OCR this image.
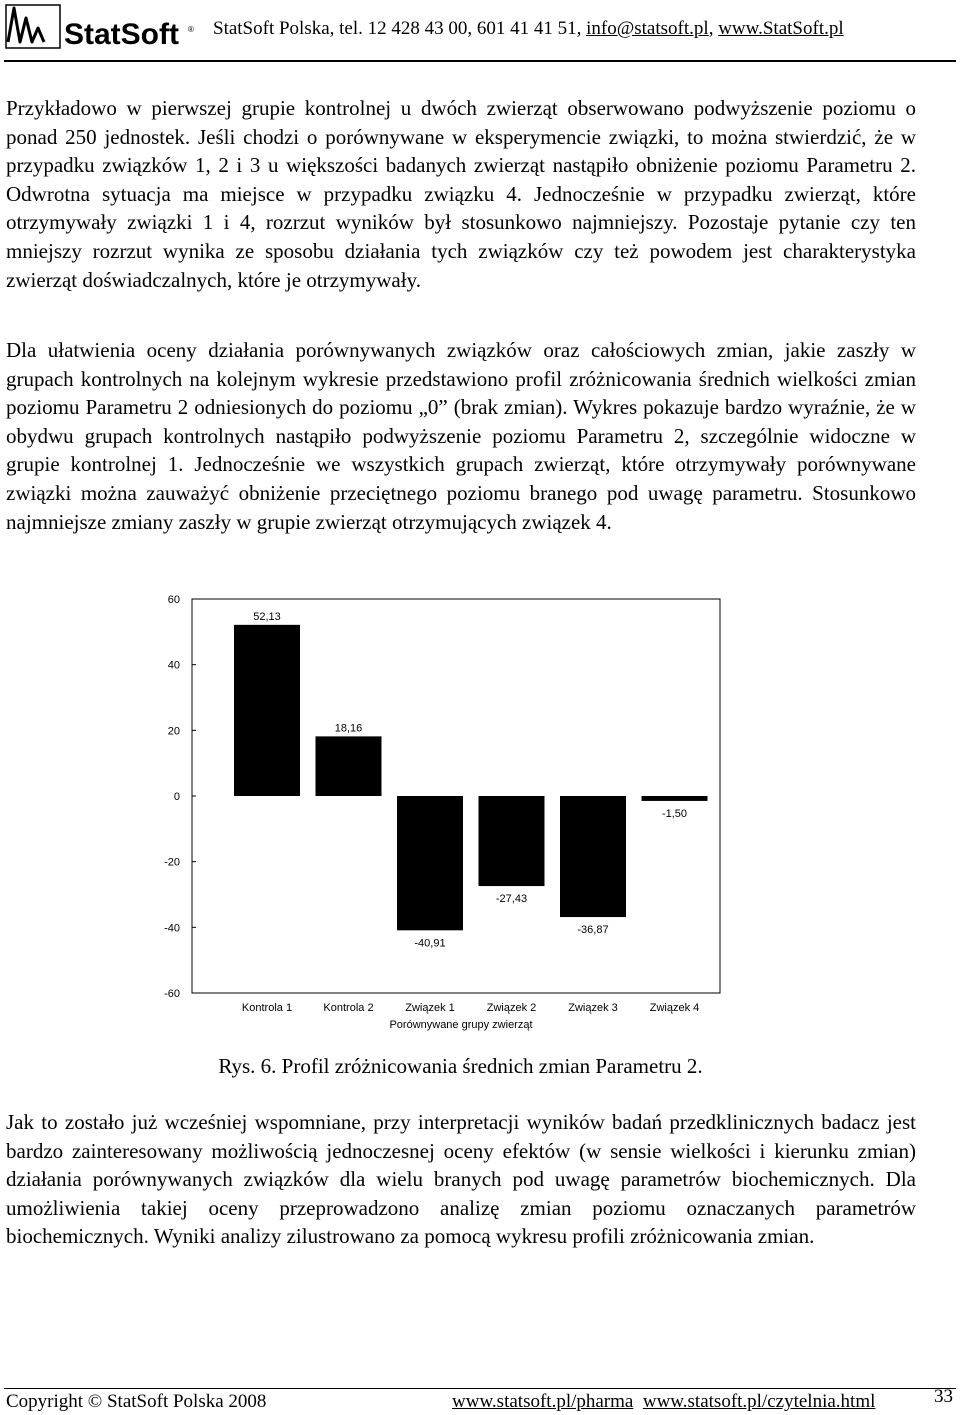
StatSoft ® StatSoft Polska, tel. 12 428 43 00, 601 41 41 51, info@statsoft.pl, www.StatSoft.pl

Przykładowo w pierwszej grupie kontrolnej u dwóch zwierząt obserwowano podwyższenie poziomu o ponad 250 jednostek. Jeśli chodzi o porównywane w eksperymencie związki, to można stwierdzić, że w przypadku związków 1, 2 i 3 u większości badanych zwierząt nastąpiło obniżenie poziomu Parametru 2. Odwrotna sytuacja ma miejsce w przypadku związku 4. Jednocześnie w przypadku zwierząt, które otrzymywały związki 1 i 4, rozrzut wyników był stosunkowo najmniejszy. Pozostaje pytanie czy ten mniejszy rozrzut wynika ze sposobu działania tych związków czy też powodem jest charakterystyka zwierząt doświadczalnych, które je otrzymywały.

Dla ułatwienia oceny działania porównywanych związków oraz całościowych zmian, jakie zaszły w grupach kontrolnych na kolejnym wykresie przedstawiono profil zróżnicowania średnich wielkości zmian poziomu Parametru 2 odniesionych do poziomu „0” (brak zmian). Wykres pokazuje bardzo wyraźnie, że w obydwu grupach kontrolnych nastąpiło podwyższenie poziomu Parametru 2, szczególnie widoczne w grupie kontrolnej 1. Jednocześnie we wszystkich grupach zwierząt, które otrzymywały porównywane związki można zauważyć obniżenie przeciętnego poziomu branego pod uwagę parametru. Stosunkowo najmniejsze zmiany zaszły w grupie zwierząt otrzymujących związek 4.

60
40
20
0
-20
-40
-60
52,13
Kontrola 1
18,16
Kontrola 2
-40,91
Związek 1
-27,43
Związek 2
-36,87
Związek 3
-1,50
Związek 4
Porównywane grupy zwierząt
Rys. 6. Profil zróżnicowania średnich zmian Parametru 2.

Jak to zostało już wcześniej wspomniane, przy interpretacji wyników badań przedklinicznych badacz jest bardzo zainteresowany możliwością jednoczesnej oceny efektów (w sensie wielkości i kierunku zmian) działania porównywanych związków dla wielu branych pod uwagę parametrów biochemicznych. Dla umożliwienia takiej oceny przeprowadzono analizę zmian poziomu oznaczanych parametrów biochemicznych. Wyniki analizy zilustrowano za pomocą wykresu profili zróżnicowania zmian.

Copyright © StatSoft Polska 2008	www.statsoft.pl/pharma www.statsoft.pl/czytelnia.html	33
